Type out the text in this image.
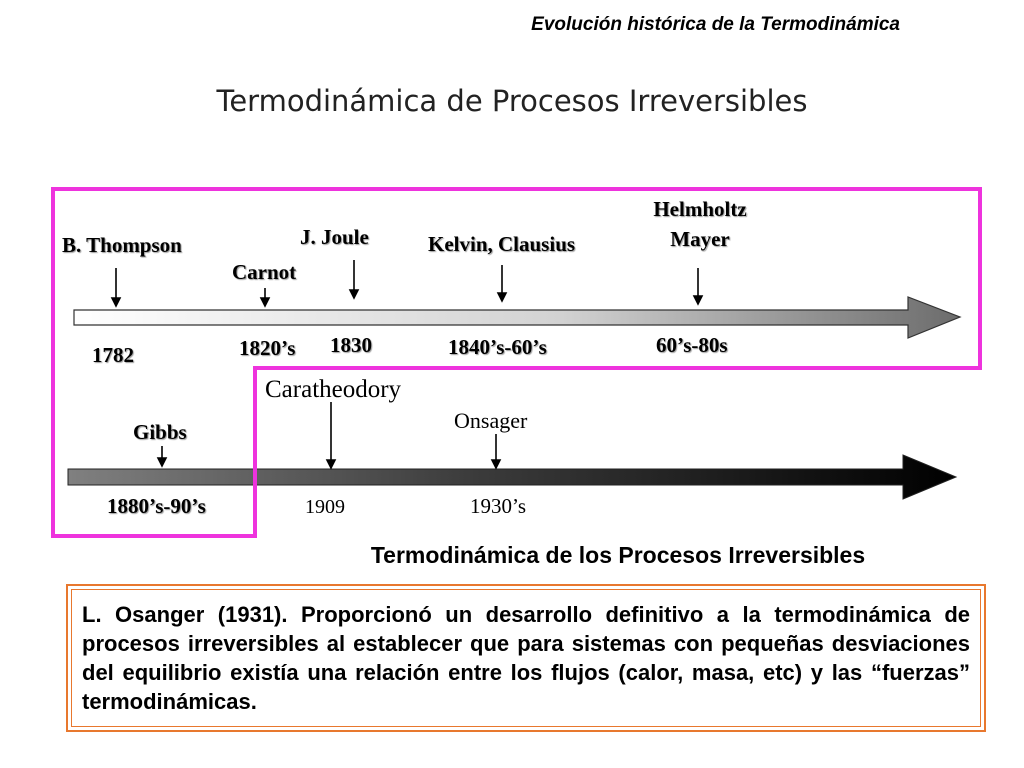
Evolución histórica de la Termodinámica
Termodinámica de Procesos Irreversibles
B. Thompson
1782
Carnot
1820’s
J. Joule
1830
Kelvin, Clausius
1840’s-60’s
Helmholtz
Mayer
60’s-80s
Gibbs
1880’s-90’s
Caratheodory
1909
Onsager
1930’s
Termodinámica de los Procesos Irreversibles
L. Osanger (1931). Proporcionó un desarrollo definitivo a la termodinámica de procesos irreversibles al establecer que para sistemas con pequeñas desviaciones del equilibrio existía una relación entre los flujos (calor, masa, etc) y las “fuerzas” termodinámicas.
